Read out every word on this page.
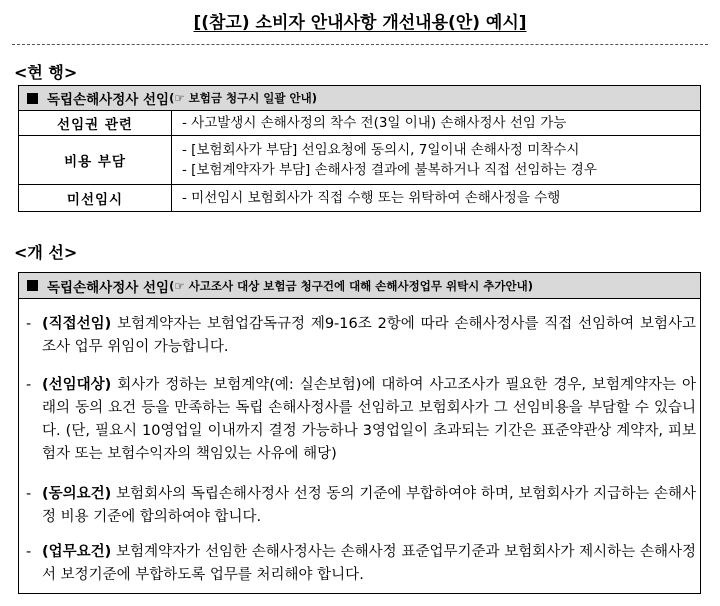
[(참고) 소비자 안내사항 개선내용(안) 예시]
<현 행>
독립손해사정사 선임 (☞ 보험금 청구시 일괄 안내)
선임권 관련	- 사고발생시 손해사정의 착수 전(3일 이내) 손해사정사 선임 가능

비용 부담	- [보험회사가 부담] 선임요청에 동의시, 7일이내 손해사정 미착수시
- [보험계약자가 부담] 손해사정 결과에 불복하거나 직접 선임하는 경우

미선임시	- 미선임시 보험회사가 직접 수행 또는 위탁하여 손해사정을 수행
<개 선>
독립손해사정사 선임 (☞ 사고조사 대상 보험금 청구건에 대해 손해사정업무 위탁시 추가안내)
- (직접선임) 보험계약자는 보험업감독규정 제9-16조 2항에 따라 손해사정사를 직접 선임하여 보험사고조사 업무 위임이 가능합니다.
- (선임대상) 회사가 정하는 보험계약(예: 실손보험)에 대하여 사고조사가 필요한 경우, 보험계약자는 아래의 동의 요건 등을 만족하는 독립 손해사정사를 선임하고 보험회사가 그 선임비용을 부담할 수 있습니다. (단, 필요시 10영업일 이내까지 결정 가능하나 3영업일이 초과되는 기간은 표준약관상 계약자, 피보험자 또는 보험수익자의 책임있는 사유에 해당)
- (동의요건) 보험회사의 독립손해사정사 선정 동의 기준에 부합하여야 하며, 보험회사가 지급하는 손해사정 비용 기준에 합의하여야 합니다.
- (업무요건) 보험계약자가 선임한 손해사정사는 손해사정 표준업무기준과 보험회사가 제시하는 손해사정서 보정기준에 부합하도록 업무를 처리해야 합니다.
